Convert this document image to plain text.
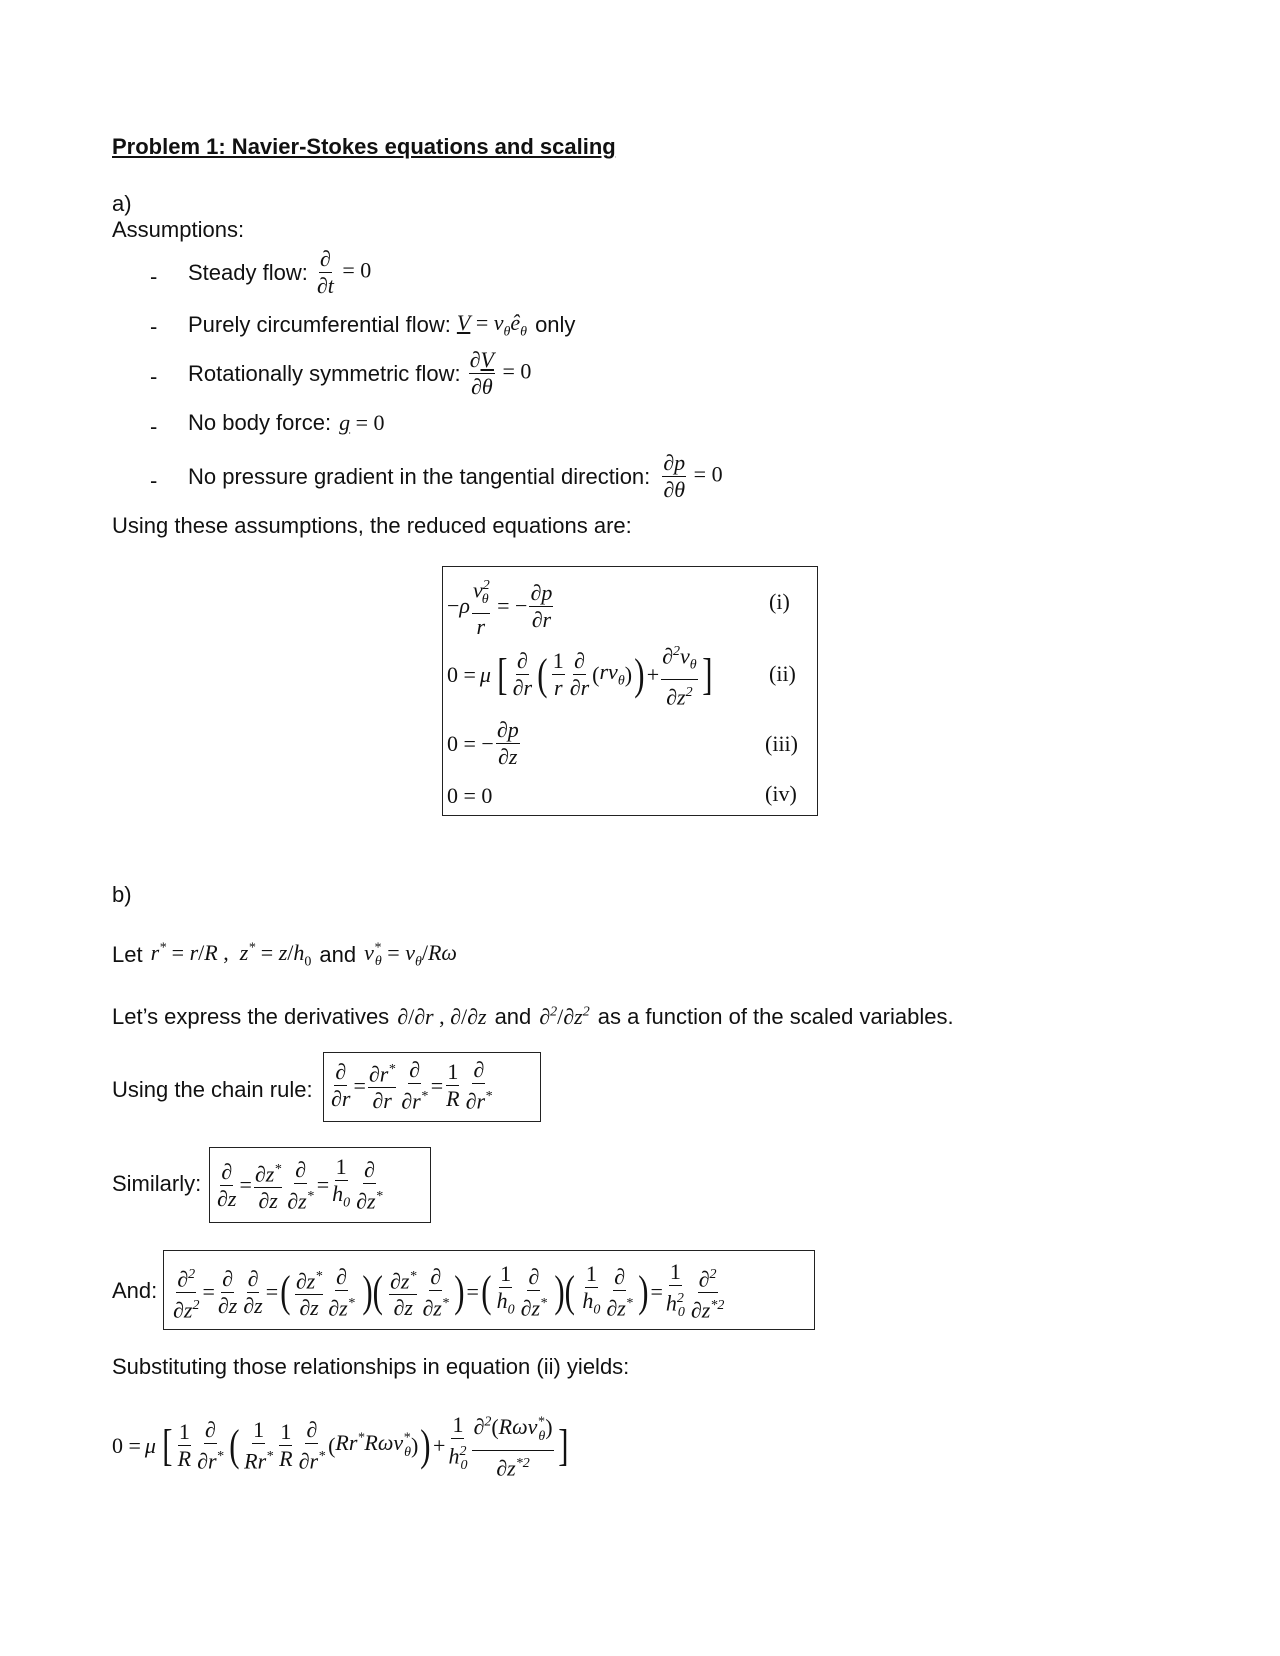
Problem 1: Navier-Stokes equations and scaling
a)
Assumptions:
- Steady flow: $\frac{\partial}{\partial t} = 0$
- Purely circumferential flow: $V = v_\theta ê_\theta$ only
- Rotationally symmetric flow: $\frac{\partial V}{\partial\theta} = 0$
- No body force: g = 0
- No pressure gradient in the tangential direction: $\frac{\partial p}{\partial\theta} = 0$
Using these assumptions, the reduced equations are:
− ρ $\frac{v^2_\theta}{r}$ = − $\frac{\partial p}{\partial r}$
0 = μ [ $\frac{\partial}{\partial r}$ ( $\frac{1}{r} \frac{\partial}{\partial r}$ ( $rv_\theta$ ) ) + $\frac{\partial^2v_\theta}{\partial z^2}$ ]
0 = − $\frac{\partial p}{\partial z}$
0 = 0
(i)
(ii)
(iii)
(iv)
b)
Let r* = r/R ,  $z^* = z/h_0$ and $v^*_\theta = v_\theta/R\omega$
Let’s express the derivatives ∂/∂r , ∂/∂z and $\partial^2/\partial z^2$ as a function of the scaled variables.
Using the chain rule: $\frac{\partial}{\partial r} = \frac{\partial r^*}{\partial r} \frac{\partial}{\partial r^*} = \frac{1}{R} \frac{\partial}{\partial r^*}$
Similarly: $\frac{\partial}{\partial z} = \frac{\partial z^*}{\partial z} \frac{\partial}{\partial z^*} = \frac{1}{h_0} \frac{\partial}{\partial z^*}$
And: $\frac{\partial^2}{\partial z^2} = \frac{\partial}{\partial z} \frac{\partial}{\partial z}$ = ( $\frac{\partial z^*}{\partial z} \frac{\partial}{\partial z^*}$ )( $\frac{\partial z^*}{\partial z} \frac{\partial}{\partial z^*}$ ) = ( $\frac{1}{h_0} \frac{\partial}{\partial z^*}$ )( $\frac{1}{h_0} \frac{\partial}{\partial z^*}$ ) = $\frac{1}{h^2_0} \frac{\partial^2}{\partial z^{*2}}$
Substituting those relationships in equation (ii) yields:
0 = μ [ $\frac{1}{R} \frac{\partial}{\partial r^*}$ ( $\frac{1}{Rr^*} \frac{1}{R} \frac{\partial}{\partial r^*}$ ( Rr*Rωv*$_\theta$ ) ) + $\frac{1}{h^2_0} \frac{\partial^2(R\omega v^*_\theta)}{\partial z^{*2}}$ ]
